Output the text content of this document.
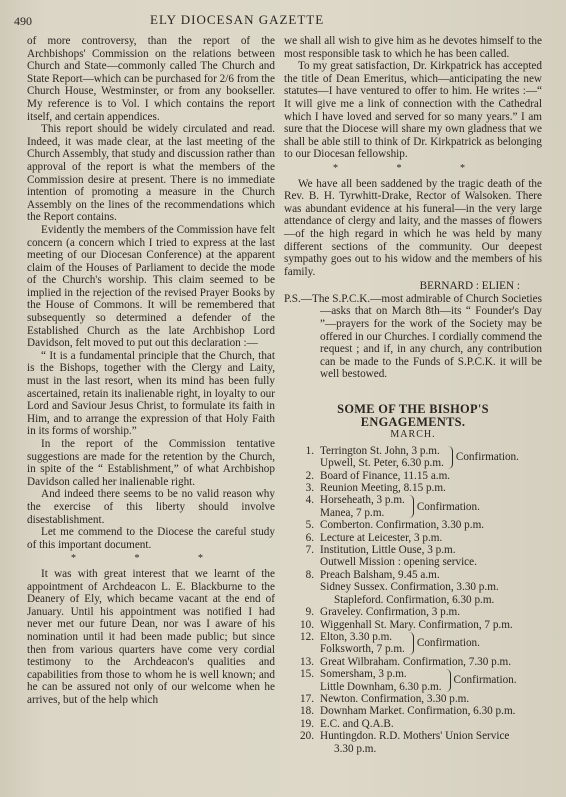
490	ELY DIOCESAN GAZETTE

of more controversy, than the report of the Archbishops' Commission on the relations between Church and State—commonly called The Church and State Report—which can be purchased for 2/6 from the Church House, Westminster, or from any bookseller. My reference is to Vol. I which contains the report itself, and certain appendices.

This report should be widely circulated and read. Indeed, it was made clear, at the last meeting of the Church Assembly, that study and discussion rather than approval of the report is what the members of the Commission desire at present. There is no immediate intention of promoting a measure in the Church Assembly on the lines of the recommendations which the Report contains.

Evidently the members of the Commission have felt concern (a concern which I tried to express at the last meeting of our Diocesan Conference) at the apparent claim of the Houses of Parliament to decide the mode of the Church's worship. This claim seemed to be implied in the rejection of the revised Prayer Books by the House of Commons. It will be remembered that subsequently so determined a defender of the Established Church as the late Archbishop Lord Davidson, felt moved to put out this declaration :—

“ It is a fundamental principle that the Church, that is the Bishops, together with the Clergy and Laity, must in the last resort, when its mind has been fully ascertained, retain its inalienable right, in loyalty to our Lord and Saviour Jesus Christ, to formulate its faith in Him, and to arrange the expression of that Holy Faith in its forms of worship.”

In the report of the Commission tentative suggestions are made for the retention by the Church, in spite of the “ Establishment,” of what Archbishop Davidson called her inalienable right.

And indeed there seems to be no valid reason why the exercise of this liberty should involve disestablishment.

Let me commend to the Diocese the careful study of this important document.

* * *

It was with great interest that we learnt of the appointment of Archdeacon L. E. Blackburne to the Deanery of Ely, which became vacant at the end of January. Until his appointment was notified I had never met our future Dean, nor was I aware of his nomination until it had been made public; but since then from various quarters have come very cordial testimony to the Archdeacon's qualities and capabilities from those to whom he is well known; and he can be assured not only of our welcome when he arrives, but of the help which

we shall all wish to give him as he devotes himself to the most responsible task to which he has been called.

To my great satisfaction, Dr. Kirkpatrick has accepted the title of Dean Emeritus, which—anticipating the new statutes—I have ventured to offer to him. He writes :—“ It will give me a link of connection with the Cathedral which I have loved and served for so many years.” I am sure that the Diocese will share my own gladness that we shall be able still to think of Dr. Kirkpatrick as belonging to our Diocesan fellowship.

* * *

We have all been saddened by the tragic death of the Rev. B. H. Tyrwhitt-Drake, Rector of Walsoken. There was abundant evidence at his funeral—in the very large attendance of clergy and laity, and the masses of flowers—of the high regard in which he was held by many different sections of the community. Our deepest sympathy goes out to his widow and the members of his family.

BERNARD : ELIEN :

P.S.—The S.P.C.K.—most admirable of Church Societies—asks that on March 8th—its “ Founder's Day ”—prayers for the work of the Society may be offered in our Churches. I cordially commend the request ; and if, in any church, any contribution can be made to the Funds of S.P.C.K. it will be well bestowed.

SOME OF THE BISHOP'S ENGAGEMENTS.

MARCH.

1. Terrington St. John, 3 p.m.
Upwell, St. Peter, 6.30 p.m.
Confirmation.
2. Board of Finance, 11.15 a.m.
3. Reunion Meeting, 8.15 p.m.
4. Horseheath, 3 p.m.
Manea, 7 p.m.
Confirmation.
5. Comberton. Confirmation, 3.30 p.m.
6. Lecture at Leicester, 3 p.m.
7. Institution, Little Ouse, 3 p.m.
Outwell Mission : opening service.
8. Preach Balsham, 9.45 a.m.
Sidney Sussex. Confirmation, 3.30 p.m.
Stapleford. Confirmation, 6.30 p.m.
9. Graveley. Confirmation, 3 p.m.
10. Wiggenhall St. Mary. Confirmation, 7 p.m.
12. Elton, 3.30 p.m.
Folksworth, 7 p.m.
Confirmation.
13. Great Wilbraham. Confirmation, 7.30 p.m.
15. Somersham, 3 p.m.
Little Downham, 6.30 p.m.
Confirmation.
17. Newton. Confirmation, 3.30 p.m.
18. Downham Market. Confirmation, 6.30 p.m.
19. E.C. and Q.A.B.
20. Huntingdon. R.D. Mothers' Union Service
3.30 p.m.
